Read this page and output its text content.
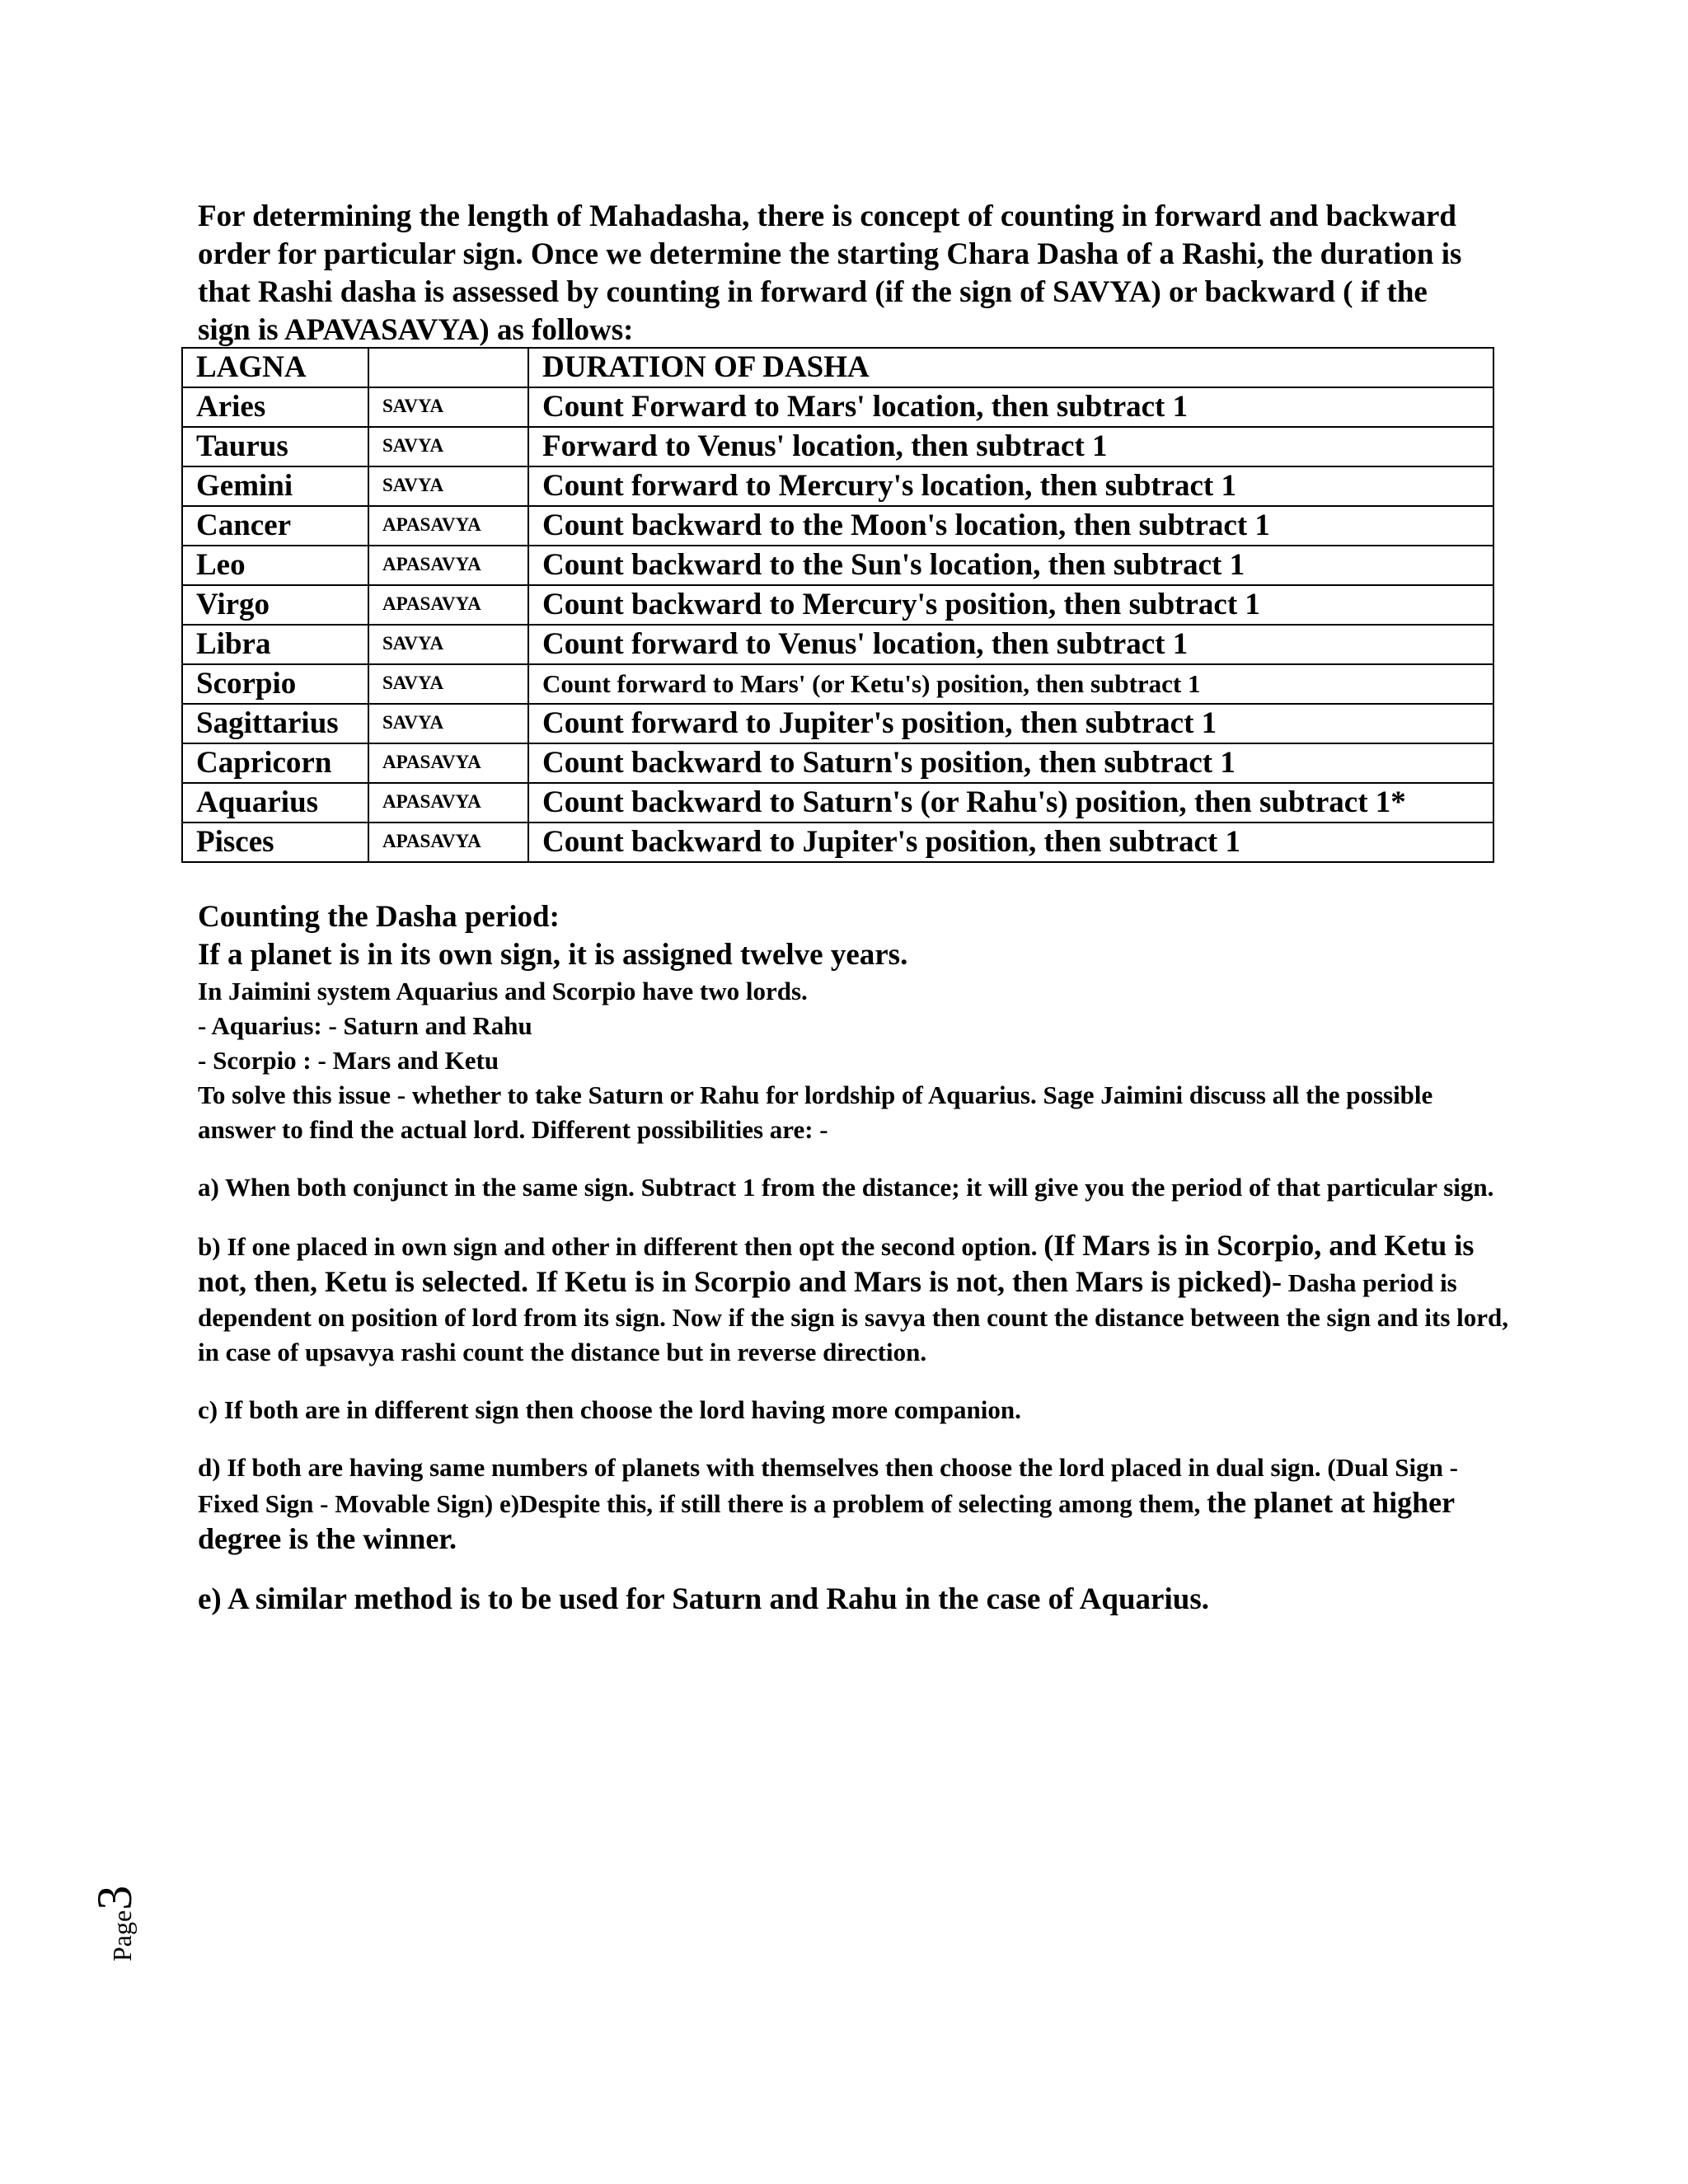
For determining the length of Mahadasha, there is concept of counting in forward and backward order for particular sign. Once we determine the starting Chara Dasha of a Rashi, the duration is that Rashi dasha is assessed by counting in forward (if the sign of SAVYA) or backward ( if the sign is APAVASAVYA) as follows:

LAGNA		DURATION OF DASHA
Aries	SAVYA	Count Forward to Mars' location, then subtract 1
Taurus	SAVYA	Forward to Venus' location, then subtract 1
Gemini	SAVYA	Count forward to Mercury's location, then subtract 1
Cancer	APASAVYA	Count backward to the Moon's location, then subtract 1
Leo	APASAVYA	Count backward to the Sun's location, then subtract 1
Virgo	APASAVYA	Count backward to Mercury's position, then subtract 1
Libra	SAVYA	Count forward to Venus' location, then subtract 1
Scorpio	SAVYA	Count forward to Mars' (or Ketu's) position, then subtract 1
Sagittarius	SAVYA	Count forward to Jupiter's position, then subtract 1
Capricorn	APASAVYA	Count backward to Saturn's position, then subtract 1
Aquarius	APASAVYA	Count backward to Saturn's (or Rahu's) position, then subtract 1*
Pisces	APASAVYA	Count backward to Jupiter's position, then subtract 1

Counting the Dasha period:

If a planet is in its own sign, it is assigned twelve years.

In Jaimini system Aquarius and Scorpio have two lords.

- Aquarius: - Saturn and Rahu

- Scorpio : - Mars and Ketu

To solve this issue - whether to take Saturn or Rahu for lordship of Aquarius. Sage Jaimini discuss all the possible answer to find the actual lord. Different possibilities are: -

a) When both conjunct in the same sign. Subtract 1 from the distance; it will give you the period of that particular sign.

b) If one placed in own sign and other in different then opt the second option. (If Mars is in Scorpio, and Ketu is not, then, Ketu is selected. If Ketu is in Scorpio and Mars is not, then Mars is picked)- Dasha period is dependent on position of lord from its sign. Now if the sign is savya then count the distance between the sign and its lord, in case of upsavya rashi count the distance but in reverse direction.

c) If both are in different sign then choose the lord having more companion.

d) If both are having same numbers of planets with themselves then choose the lord placed in dual sign. (Dual Sign - Fixed Sign - Movable Sign) e)Despite this, if still there is a problem of selecting among them, the planet at higher degree is the winner.

e) A similar method is to be used for Saturn and Rahu in the case of Aquarius.

Page3
